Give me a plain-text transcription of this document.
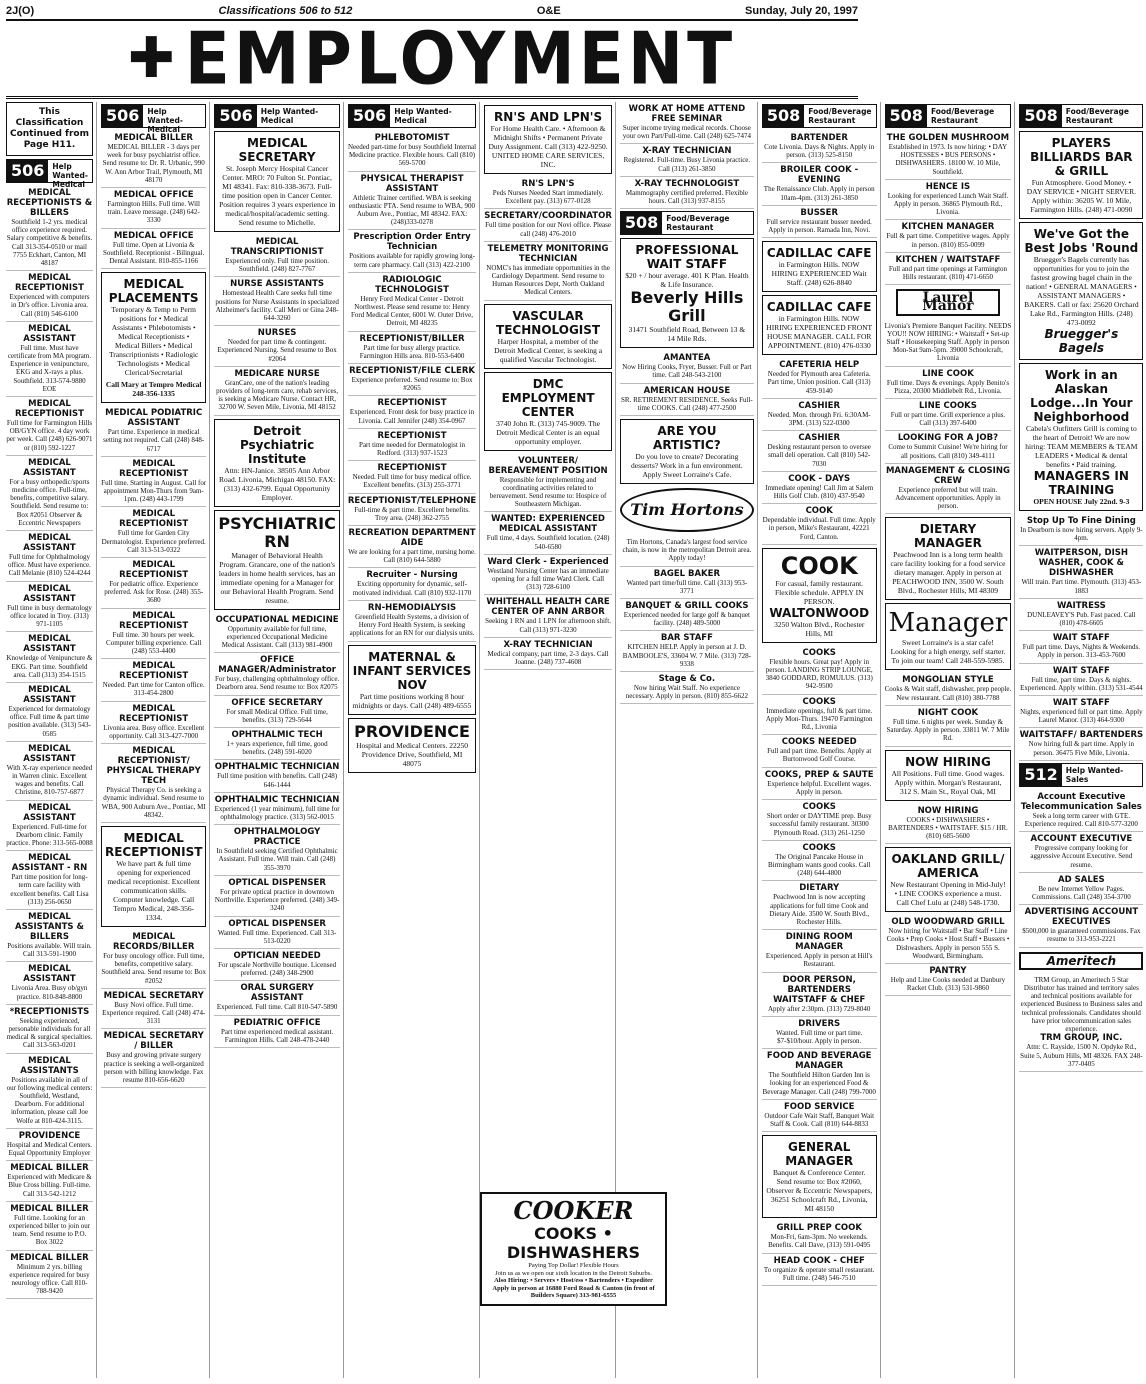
2J(O)	Classifications 506 to 512	O&E	Sunday, July 20, 1997
✚ EMPLOYMENT
This Classification Continued from Page H11.
506	Help Wanted-Medical
MEDICAL RECEPTIONISTS & BILLERS
Southfield 1-2 yrs. medical office experience required. Salary competitive & benefits. Call 313-354-0510 or mail 7755 Eckhart, Canton, MI 48187
MEDICAL RECEPTIONIST
Experienced with computers in Dr's office. Livonia area. Call (810) 546-6100
MEDICAL ASSISTANT
Full time. Must have certificate from MA program. Experience in venipuncture, EKG and X-rays a plus. Southfield. 313-574-9880 EOE
MEDICAL RECEPTIONIST
Full time for Farmington Hills OB/GYN office. 4 day work per week. Call (248) 626-9071 or (810) 592-1227
MEDICAL ASSISTANT
For a busy orthopedic/sports medicine office. Full-time, benefits, competitive salary. Southfield. Send resume to: Box #2051 Observer & Eccentric Newspapers
MEDICAL ASSISTANT
Full time for Ophthalmology office. Must have experience. Call Melanie (810) 524-4244
MEDICAL ASSISTANT
Full time in busy dermatology office located in Troy. (313) 971-1105
MEDICAL ASSISTANT
Knowledge of Venipuncture & EKG. Part time. Southfield area. Call (313) 354-1515
MEDICAL ASSISTANT
Experienced for dermatology office. Full time & part time position available. (313) 543-0585
MEDICAL ASSISTANT
With X-ray experience needed in Warren clinic. Excellent wages and benefits. Call Christine, 810-757-6877
MEDICAL ASSISTANT
Experienced. Full-time for Dearborn clinic. Family practice. Phone: 313-565-0088
MEDICAL ASSISTANT - RN
Part time position for long-term care facility with excellent benefits. Call Lisa (313) 256-0650
MEDICAL ASSISTANTS & BILLERS
Positions available. Will train. Call 313-591-1900
MEDICAL ASSISTANT
Livonia Area. Busy ob/gyn practice. 810-848-8800
*RECEPTIONISTS
Seeking experienced, personable individuals for all medical & surgical specialties. Call 313-563-0201
MEDICAL ASSISTANTS
Positions available in all of our following medical centers: Southfield, Westland, Dearborn. For additional information, please call Joe Wolfe at 810-424-3115.
PROVIDENCE
Hospital and Medical Centers. Equal Opportunity Employer
MEDICAL BILLER
Experienced with Medicare & Blue Cross billing. Full-time. Call 313-542-1212
MEDICAL BILLER
Full time. Looking for an experienced biller to join our team. Send resume to P.O. Box 3022
MEDICAL BILLER
Minimum 2 yrs. billing experience required for busy neurology office. Call 810-788-9420
506	Help Wanted-Medical
MEDICAL BILLER
MEDICAL BILLER - 3 days per week for busy psychiatrist office. Send resume to: Dr. R. Urbanic, 990 W. Ann Arbor Trail, Plymouth, MI 48170
MEDICAL OFFICE
Farmington Hills. Full time. Will train. Leave message. (248) 642-3330
MEDICAL OFFICE
Full time. Open at Livonia & Southfield. Receptionist - Bilingual. Dental Assistant. 810-855-1166
MEDICAL PLACEMENTS
Temporary & Temp to Perm positions for • Medical Assistants • Phlebotomists • Medical Receptionists • Medical Billers • Medical Transcriptionists • Radiologic Technologists • Medical Clerical/Secretarial
Call Mary at Tempro Medical 248-356-1335
MEDICAL PODIATRIC ASSISTANT
Part time. Experience in medical setting not required. Call (248) 848-6717
MEDICAL RECEPTIONIST
Full time. Starting in August. Call for appointment Mon-Thurs from 9am-1pm. (248) 443-1799
MEDICAL RECEPTIONIST
Full time for Garden City Dermatologist. Experience preferred. Call 313-513-0322
MEDICAL RECEPTIONIST
For pediatric office. Experience preferred. Ask for Rose. (248) 355-3680
MEDICAL RECEPTIONIST
Full time. 30 hours per week. Computer billing experience. Call (248) 553-4400
MEDICAL RECEPTIONIST
Needed. Part time for Canton office. 313-454-2800
MEDICAL RECEPTIONIST
Livonia area. Busy office. Excellent opportunity. Call 313-427-7000
MEDICAL RECEPTIONIST/ PHYSICAL THERAPY TECH
Physical Therapy Co. is seeking a dynamic individual. Send resume to WBA, 900 Auburn Ave., Pontiac, MI 48342.
MEDICAL RECEPTIONIST
We have part & full time opening for experienced medical receptionist. Excellent communication skills. Computer knowledge. Call Tempro Medical, 248-356-1334.
MEDICAL RECORDS/BILLER
For busy oncology office. Full time, benefits, competitive salary. Southfield area. Send resume to: Box #2052
MEDICAL SECRETARY
Busy Novi office. Full time. Experience required. Call (248) 474-3131
MEDICAL SECRETARY / BILLER
Busy and growing private surgery practice is seeking a well-organized person with billing knowledge. Fax resume 810-656-6620
506	Help Wanted-Medical
MEDICAL SECRETARY
St. Joseph Mercy Hospital Cancer Center. MRO: 70 Fulton St. Pontiac, MI 48341. Fax: 810-338-3673. Full-time position open in Cancer Center. Position requires 3 years experience in medical/hospital/academic setting. Send resume to Michelle.
MEDICAL TRANSCRIPTIONIST
Experienced only. Full time position. Southfield. (248) 827-7767
NURSE ASSISTANTS
Homestead Health Care seeks full time positions for Nurse Assistants in specialized Alzheimer's facility. Call Meri or Gina 248-644-3260
NURSES
Needed for part time & contingent. Experienced Nursing. Send resume to Box #2064
MEDICARE NURSE
GranCare, one of the nation's leading providers of long-term care, rehab services, is seeking a Medicare Nurse. Contact HR, 32700 W. Seven Mile, Livonia, MI 48152
Detroit Psychiatric Institute
Attn: HN-Janice. 38505 Ann Arbor Road. Livonia, Michigan 48150. FAX: (313) 432-6799. Equal Opportunity Employer.
PSYCHIATRIC RN
Manager of Behavioral Health Program. Grancare, one of the nation's leaders in home health services, has an immediate opening for a Manager for our Behavioral Health Program. Send resume.
OCCUPATIONAL MEDICINE
Opportunity available for full time, experienced Occupational Medicine Medical Assistant. Call (313) 981-4900
OFFICE MANAGER/Administrator
For busy, challenging ophthalmology office. Dearborn area. Send resume to: Box #2075
OFFICE SECRETARY
For small Medical Office. Full time, benefits. (313) 729-5644
OPHTHALMIC TECH
1+ years experience, full time, good benefits. (248) 591-6020
OPHTHALMIC TECHNICIAN
Full time position with benefits. Call (248) 646-1444
OPHTHALMIC TECHNICIAN
Experienced (1 year minimum), full time for ophthalmology practice. (313) 562-0015
OPHTHALMOLOGY PRACTICE
In Southfield seeking Certified Ophthalmic Assistant. Full time. Will train. Call (248) 355-3970
OPTICAL DISPENSER
For private optical practice in downtown Northville. Experience preferred. (248) 349-3240
OPTICAL DISPENSER
Wanted. Full time. Experienced. Call 313-513-0220
OPTICIAN NEEDED
For upscale Northville boutique. Licensed preferred. (248) 348-2900
ORAL SURGERY ASSISTANT
Experienced. Full time. Call 810-547-5890
PEDIATRIC OFFICE
Part time experienced medical assistant. Farmington Hills. Call 248-478-2440
506	Help Wanted-Medical
PHLEBOTOMIST
Needed part-time for busy Southfield Internal Medicine practice. Flexible hours. Call (810) 569-5700
PHYSICAL THERAPIST ASSISTANT
Athletic Trainer certified. WBA is seeking enthusiastic PTA. Send resume to WBA, 900 Auburn Ave., Pontiac, MI 48342. FAX: (248)333-0278
Prescription Order Entry Technician
Positions available for rapidly growing long-term care pharmacy. Call (313) 422-2100
RADIOLOGIC TECHNOLOGIST
Henry Ford Medical Center - Detroit Northwest. Please send resume to: Henry Ford Medical Center, 6001 W. Outer Drive, Detroit, MI 48235
RECEPTIONIST/BILLER
Part time for busy allergy practice. Farmington Hills area. 810-553-6400
RECEPTIONIST/FILE CLERK
Experience preferred. Send resume to: Box #2065
RECEPTIONIST
Experienced. Front desk for busy practice in Livonia. Call Jennifer (248) 354-0967
RECEPTIONIST
Part time needed for Dermatologist in Redford. (313) 937-1523
RECEPTIONIST
Needed. Full time for busy medical office. Excellent benefits. (313) 255-3771
RECEPTIONIST/TELEPHONE
Full-time & part time. Excellent benefits. Troy area. (248) 362-2755
RECREATION DEPARTMENT AIDE
We are looking for a part time, nursing home. Call (810) 644-5880
Recruiter - Nursing
Exciting opportunity for dynamic, self-motivated individual. Call (810) 932-1170
RN-HEMODIALYSIS
Greenfield Health Systems, a division of Henry Ford Health System, is seeking applications for an RN for our dialysis units.
MATERNAL & INFANT SERVICES NOV
Part time positions working 8 hour midnights or days. Call (248) 489-6555
PROVIDENCE
Hospital and Medical Centers. 22250 Providence Drive, Southfield, MI 48075
RN'S AND LPN'S
For Home Health Care. • Afternoon & Midnight Shifts • Permanent Private Duty Assignment. Call (313) 422-9250. UNITED HOME CARE SERVICES, INC.
RN'S LPN'S
Peds Nurses Needed Start immediately. Excellent pay. (313) 677-0128
SECRETARY/COORDINATOR
Full time position for our Novi office. Please call (248) 476-2010
TELEMETRY MONITORING TECHNICIAN
NOMC's has immediate opportunities in the Cardiology Department. Send resume to Human Resources Dept, North Oakland Medical Centers.
VASCULAR TECHNOLOGIST
Harper Hospital, a member of the Detroit Medical Center, is seeking a qualified Vascular Technologist.
DMC EMPLOYMENT CENTER
3740 John R. (313) 745-9009. The Detroit Medical Center is an equal opportunity employer.
VOLUNTEER/ BEREAVEMENT POSITION
Responsible for implementing and coordinating activities related to bereavement. Send resume to: Hospice of Southeastern Michigan.
WANTED: EXPERIENCED MEDICAL ASSISTANT
Full time, 4 days. Southfield location. (248) 540-6580
Ward Clerk - Experienced
Westland Nursing Center has an immediate opening for a full time Ward Clerk. Call (313) 728-6100
WHITEHALL HEALTH CARE CENTER OF ANN ARBOR
Seeking 1 RN and 1 LPN for afternoon shift. Call (313) 971-3230
X-RAY TECHNICIAN
Medical company, part time, 2-3 days. Call Joanne. (248) 737-4608
WORK AT HOME ATTEND FREE SEMINAR
Super income trying medical records. Choose your own Part/Full-time. Call (248) 625-7474
X-RAY TECHNICIAN
Registered. Full-time. Busy Livonia practice. Call (313) 261-3850
X-RAY TECHNOLOGIST
Mammography certified preferred. Flexible hours. Call (313) 937-8155
508	Food/Beverage Restaurant
PROFESSIONAL WAIT STAFF
$20 + / hour average. 401 K Plan. Health & Life Insurance.
Beverly Hills Grill
31471 Southfield Road, Between 13 & 14 Mile Rds.
AMANTEA
Now Hiring Cooks, Fryer, Busser. Full or Part time. Call 248-543-2100
AMERICAN HOUSE
SR. RETIREMENT RESIDENCE. Seeks Full-time COOKS. Call (248) 477-2500
ARE YOU ARTISTIC?
Do you love to create? Decorating desserts? Work in a fun environment. Apply Sweet Lorraine's Cafe.
Tim Hortons
Tim Hortons, Canada's largest food service chain, is now in the metropolitan Detroit area. Apply today!
BAGEL BAKER
Wanted part time/full time. Call (313) 953-3771
BANQUET & GRILL COOKS
Experienced needed for large golf & banquet facility. (248) 489-5000
BAR STAFF
KITCHEN HELP. Apply in person at J. D. BAMBOOLE'S, 33604 W. 7 Mile. (313) 728-9338
Stage & Co.
Now hiring Wait Staff. No experience necessary. Apply in person. (810) 855-6622
508	Food/Beverage Restaurant
BARTENDER
Cote Livonia. Days & Nights. Apply in person. (313) 525-8150
BROILER COOK - EVENING
The Renaissance Club. Apply in person 10am-4pm. (313) 261-3850
BUSSER
Full service restaurant busser needed. Apply in person. Ramada Inn, Novi.
CADILLAC CAFE
in Farmington Hills. NOW HIRING EXPERIENCED Wait Staff. (248) 626-8840
CADILLAC CAFE
in Farmington Hills. NOW HIRING EXPERIENCED FRONT HOUSE MANAGER. CALL FOR APPOINTMENT. (810) 476-0330
CAFETERIA HELP
Needed for Plymouth area Cafeteria. Part time, Union position. Call (313) 459-9140
CASHIER
Needed. Mon. through Fri. 6:30AM-3PM. (313) 522-0300
CASHIER
Desking restaurant person to oversee small deli operation. Call (810) 542-7030
COOK - DAYS
Immediate opening! Call Jim at Salem Hills Golf Club. (810) 437-9540
COOK
Dependable individual. Full time. Apply in person, Mike's Restaurant, 42221 Ford, Canton.
COOK
For casual, family restaurant. Flexible schedule. APPLY IN PERSON.
WALTONWOOD
3250 Walton Blvd., Rochester Hills, MI
COOKS
Flexible hours. Great pay! Apply in person. LANDING STRIP LOUNGE, 3840 GODDARD, ROMULUS. (313) 942-9500
COOKS
Immediate openings, full & part time. Apply Mon-Thurs. 19470 Farmington Rd., Livonia
COOKS NEEDED
Full and part time. Benefits. Apply at Burtonwood Golf Course.
COOKS, PREP & SAUTE
Experience helpful. Excellent wages. Apply in person.
COOKS
Short order or DAYTIME prep. Busy successful family restaurant. 30300 Plymouth Road. (313) 261-1250
COOKS
The Original Pancake House in Birmingham wants good cooks. Call (248) 644-4800
DIETARY
Peachwood Inn is now accepting applications for full time Cook and Dietary Aide. 3500 W. South Blvd., Rochester Hills.
DINING ROOM MANAGER
Experienced. Apply in person at Hill's Restaurant.
DOOR PERSON, BARTENDERS WAITSTAFF & CHEF
Apply after 2:30pm. (313) 729-8040
DRIVERS
Wanted. Full time or part time. $7-$10/hour. Apply in person.
FOOD AND BEVERAGE MANAGER
The Southfield Hilton Garden Inn is looking for an experienced Food & Beverage Manager. Call (248) 799-7000
FOOD SERVICE
Outdoor Cafe Wait Staff, Banquet Wait Staff & Cook. Call (810) 644-8833
GENERAL MANAGER
Banquet & Conference Center. Send resume to: Box #2060, Observer & Eccentric Newspapers, 36251 Schoolcraft Rd., Livonia, MI 48150
GRILL PREP COOK
Mon-Fri, 6am-3pm. No weekends. Benefits. Call Dave, (313) 591-0495
HEAD COOK - CHEF
To organize & operate small restaurant. Full time. (248) 546-7510
508	Food/Beverage Restaurant
THE GOLDEN MUSHROOM
Established in 1973. Is now hiring: • DAY HOSTESSES • BUS PERSONS • DISHWASHERS. 18100 W. 10 Mile, Southfield.
HENCE IS
Looking for experienced Lunch Wait Staff. Apply in person. 36865 Plymouth Rd., Livonia.
KITCHEN MANAGER
Full & part time. Competitive wages. Apply in person. (810) 855-0099
KITCHEN / WAITSTAFF
Full and part time openings at Farmington Hills restaurant. (810) 471-6650
Laurel Manor
Livonia's Premiere Banquet Facility. NEEDS YOU!! NOW HIRING: • Waitstaff • Set-up Staff • Housekeeping Staff. Apply in person Mon-Sat 9am-5pm. 39000 Schoolcraft, Livonia
LINE COOK
Full time. Days & evenings. Apply Benito's Pizza, 20300 Middlebelt Rd., Livonia.
LINE COOKS
Full or part time. Grill experience a plus. Call (313) 397-6400
LOOKING FOR A JOB?
Come to Summit Cuisine! We're hiring for all positions. Call (810) 349-4111
MANAGEMENT & CLOSING CREW
Experience preferred but will train. Advancement opportunities. Apply in person.
DIETARY MANAGER
Peachwood Inn is a long term health care facility looking for a food service dietary manager. Apply in person at PEACHWOOD INN, 3500 W. South Blvd., Rochester Hills, MI 48309
Manager
Sweet Lorraine's is a star cafe! Looking for a high energy, self starter. To join our team! Call 248-559-5985.
MONGOLIAN STYLE
Cooks & Wait staff, dishwasher, prep people. New restaurant. Call (810) 380-7788
NIGHT COOK
Full time. 6 nights per week. Sunday & Saturday. Apply in person. 33811 W. 7 Mile Rd.
NOW HIRING
All Positions. Full time. Good wages. Apply within. Morgan's Restaurant, 312 S. Main St., Royal Oak, MI
NOW HIRING
COOKS • DISHWASHERS • BARTENDERS • WAITSTAFF. $15 / HR. (810) 685-5600
OAKLAND GRILL/ AMERICA
New Restaurant Opening in Mid-July! • LINE COOKS experience a must. Call Chef Lulu at (248) 548-1730.
OLD WOODWARD GRILL
Now hiring for Waitstaff • Bar Staff • Line Cooks • Prep Cooks • Host Staff • Bussers • Dishwashers. Apply in person 555 S. Woodward, Birmingham.
PANTRY
Help and Line Cooks needed at Danbury Racket Club. (313) 531-9860
508	Food/Beverage Restaurant
PLAYERS BILLIARDS BAR & GRILL
Fun Atmosphere. Good Money. • DAY SERVICE • NIGHT SERVER. Apply within: 36205 W. 10 Mile, Farmington Hills. (248) 471-0090
We've Got the Best Jobs 'Round
Bruegger's Bagels currently has opportunities for you to join the fastest growing bagel chain in the nation! • GENERAL MANAGERS • ASSISTANT MANAGERS • BAKERS. Call or fax: 25620 Orchard Lake Rd., Farmington Hills. (248) 473-0092
Bruegger's Bagels
Work in an Alaskan Lodge...In Your Neighborhood
Cabela's Outfitters Grill is coming to the heart of Detroit! We are now hiring: TEAM MEMBERS & TEAM LEADERS • Medical & dental benefits • Paid training.
MANAGERS IN TRAINING
OPEN HOUSE July 22nd. 9-3
Stop Up To Fine Dining
In Dearborn is now hiring servers. Apply 9-4pm.
WAITPERSON, DISH WASHER, COOK & DISHWASHER
Will train. Part time. Plymouth. (313) 453-1883
WAITRESS
DUNLEAVEY'S Pub. Fast paced. Call (810) 478-6605
WAIT STAFF
Full part time. Days, Nights & Weekends. Apply in person. 313-453-7600
WAIT STAFF
Full time, part time. Days & nights. Experienced. Apply within. (313) 531-4544
WAIT STAFF
Nights, experienced full or part time. Apply Laurel Manor. (313) 464-9300
WAITSTAFF/ BARTENDERS
Now hiring full & part time. Apply in person. 36475 Five Mile, Livonia.
512	Help Wanted-Sales
Account Executive Telecommunication Sales
Seek a long term career with GTE. Experience required. Call 810-577-3200
ACCOUNT EXECUTIVE
Progressive company looking for aggressive Account Executive. Send resume.
AD SALES
Be new Internet Yellow Pages. Commissions. Call (248) 354-3700
ADVERTISING ACCOUNT EXECUTIVES
$500,000 in guaranteed commissions. Fax resume to 313-953-2221
Ameritech
TRM Group, an Ameritech 5 Star Distributor has trained and territory sales and technical positions available for experienced Business to Business sales and technical professionals. Candidates should have prior telecommunication sales experience.
TRM GROUP, INC.
Attn: C. Rayside, 1500 N. Opdyke Rd., Suite 5, Auburn Hills, MI 48326. FAX 248-377-0405
COOKER
COOKS • DISHWASHERS
Paying Top Dollar! Flexible Hours
Join us as we open our sixth location in the Detroit Suburbs.
Also Hiring: • Servers • Host/ess • Bartenders • Expediter
Apply in person at 16880 Ford Road & Canton (in front of Builders Square) 313-981-6555
